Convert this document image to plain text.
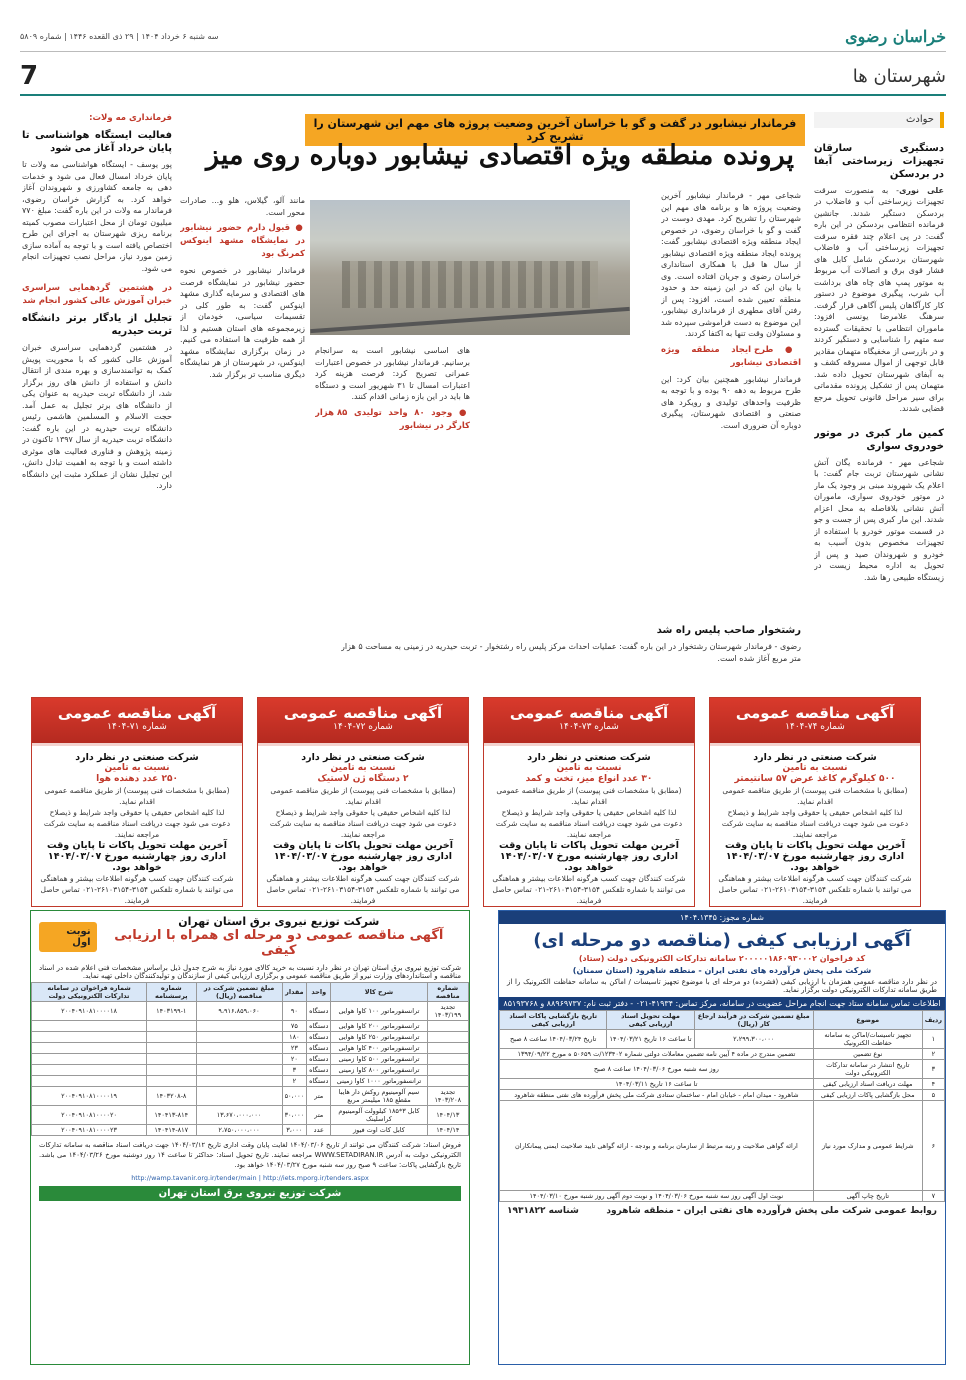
سه شنبه ۶ خرداد ۱۴۰۴ | ۲۹ ذی القعده ۱۴۴۶ | شماره ۵۸۰۹	خراسان رضوی
7	شهرستان ها
حوادث
دستگیری سارقان تجهیزات زیرساختی آبفا در بردسکن

علی نوری- به منصورت سرقت تجهیزات زیرساختی آب و فاضلاب در بردسکن دستگیر شدند. جانشین فرمانده انتظامی بردسکن در این باره گفت: در پی اعلام چند فقره سرقت تجهیزات زیرساختی آب و فاضلاب شهرستان بردسکن شامل کابل های فشار قوی برق و اتصالات آب مربوط به موتور پمپ های چاه های برداشت آب شرب، پیگیری موضوع در دستور کار کارآگاهان پلیس آگاهی قرار گرفت. سرهنگ علامرضا یونسی افزود: ماموران انتظامی با تحقیقات گسترده سه متهم را شناسایی و دستگیر کردند و در بازرسی از مخفیگاه متهمان مقادیر قابل توجهی از اموال مسروقه کشف و به آبفای شهرستان تحویل داده شد. متهمان پس از تشکیل پرونده مقدماتی برای سیر مراحل قانونی تحویل مرجع قضایی شدند.

کمین مار کبری در موتور خودروی سواری

شجاعی مهر - فرمانده یگان آتش نشانی شهرستان تربت جام گفت: با اعلام یک شهروند مبنی بر وجود یک مار در موتور خودروی سواری، ماموران آتش نشانی بلافاصله به محل اعزام شدند. این مار کبری پس از جست و جو در قسمت موتور خودرو با استفاده از تجهیزات مخصوص بدون آسیب به خودرو و شهروندان صید و پس از تحویل به اداره محیط زیست در زیستگاه طبیعی رها شد.

فرماندار نیشابور در گفت و گو با خراسان آخرین وضعیت پروژه های مهم این شهرستان را تشریح کرد
پرونده منطقه ویژه اقتصادی نیشابور دوباره روی میز

شجاعی مهر - فرماندار نیشابور آخرین وضعیت پروژه ها و برنامه های مهم این شهرستان را تشریح کرد. مهدی دوست در گفت و گو با خراسان رضوی، در خصوص ایجاد منطقه ویژه اقتصادی نیشابور گفت: پرونده ایجاد منطقه ویژه اقتصادی نیشابور از سال ها قبل با همکاری استانداری خراسان رضوی و جریان افتاده است. وی با بیان این که در این زمینه حد و حدود منطقه تعیین شده است، افزود: پس از رفتن آقای مطهری از فرمانداری نیشابور، این موضوع به دست فراموشی سپرده شد و مسئولان وقت تنها به اکتفا کردند.

● طرح ایجاد منطقه ویژه اقتصادی نیشابور

فرماندار نیشابور همچنین بیان کرد: این طرح مربوط به دهه ۹۰ بوده و با توجه به ظرفیت واحدهای تولیدی و رویکرد های صنعتی و اقتصادی شهرستان، پیگیری دوباره آن ضروری است.

های اساسی نیشابور است به سرانجام برسانیم. فرماندار نیشابور در خصوص اعتبارات عمرانی تصریح کرد: فرصت هزینه کرد اعتبارات امسال تا ۳۱ شهریور است و دستگاه ها باید در این بازه زمانی اقدام کنند.

● وجود ۸۰ واحد تولیدی ۸۵ هزار کارگر در نیشابور

مانند آلو، گیلاس، هلو و... صادرات محور است.

● قبول دارم حضور نیشابور در نمایشگاه مشهد اینوکس کمرنگ بود

فرماندار نیشابور در خصوص نحوه حضور نیشابور در نمایشگاه فرصت های اقتصادی و سرمایه گذاری مشهد اینوکس گفت: به طور کلی در تقسیمات سیاسی، خودمان از زیرمجموعه های استان هستیم و لذا از همه ظرفیت ها استفاده می کنیم. در زمان برگزاری نمایشگاه مشهد اینوکس، در شهرستان از هر نمایشگاه دیگری مناسب تر برگزار شد.

رشتخوار صاحب پلیس راه شد

رضوی - فرماندار شهرستان رشتخوار در این باره گفت: عملیات احداث مرکز پلیس راه رشتخوار - تربت حیدریه در زمینی به مساحت ۵ هزار متر مربع آغاز شده است.

فرمانداری مه ولات:
فعالیت ایستگاه هواشناسی تا پایان خرداد آغاز می شود

پور یوسف - ایستگاه هواشناسی مه ولات تا پایان خرداد امسال فعال می شود و خدمات دهی به جامعه کشاورزی و شهروندان آغاز خواهد کرد. به گزارش خراسان رضوی، فرماندار مه ولات در این باره گفت: مبلغ ۷۷۰ میلیون تومان از محل اعتبارات مصوب کمیته برنامه ریزی شهرستان به اجرای این طرح اختصاص یافته است و با توجه به آماده سازی زمین مورد نیاز، مراحل نصب تجهیزات انجام می شود.

در هشتمین گردهمایی سراسری خبران آموزش عالی کشور انجام شد
تجلیل از یادگار برتر دانشگاه تربت حیدریه

در هشتمین گردهمایی سراسری خبران آموزش عالی کشور که با محوریت پویش کمک به توانمندسازی و بهره مندی از انتقال دانش و استفاده از دانش های روز برگزار شد، از دانشگاه تربت حیدریه به عنوان یکی از دانشگاه های برتر تجلیل به عمل آمد. حجت الاسلام و المسلمین هاشمی رئیس دانشگاه تربت حیدریه در این باره گفت: دانشگاه تربت حیدریه از سال ۱۳۹۷ تاکنون در زمینه پژوهش و فناوری فعالیت های موثری داشته است و با توجه به اهمیت تبادل دانش، این تجلیل نشان از عملکرد مثبت این دانشگاه دارد.

آگهی مناقصه عمومی
شماره ۷۴-۱۴۰۴
شرکت صنعتی در نظر دارد
نسبت به تامین
۵۰۰ کیلوگرم کاغذ عرض ۵۷ سانتیمتر
(مطابق با مشخصات فنی پیوست) از طریق مناقصه عمومی اقدام نماید.
لذا کلیه اشخاص حقیقی یا حقوقی واجد شرایط و ذیصلاح دعوت می شود جهت دریافت اسناد مناقصه به سایت شرکت مراجعه نمایند.
آخرین مهلت تحویل پاکات تا پایان وقت اداری روز چهارشنبه مورخ ۱۴۰۴/۰۳/۰۷ خواهد بود.
شرکت کنندگان جهت کسب هرگونه اطلاعات بیشتر و هماهنگی می توانند با شماره تلفکس ۳۱۵۴-۲۶۱۰۳۱۵۴-۰۲۱ تماس حاصل فرمایند.
آگهی مناقصه عمومی
شماره ۷۳-۱۴۰۴
شرکت صنعتی در نظر دارد
نسبت به تامین
۳۰ عدد انواع میز، تخت و کمد
(مطابق با مشخصات فنی پیوست) از طریق مناقصه عمومی اقدام نماید.
لذا کلیه اشخاص حقیقی یا حقوقی واجد شرایط و ذیصلاح دعوت می شود جهت دریافت اسناد مناقصه به سایت شرکت مراجعه نمایند.
آخرین مهلت تحویل پاکات تا پایان وقت اداری روز چهارشنبه مورخ ۱۴۰۴/۰۳/۰۷ خواهد بود.
شرکت کنندگان جهت کسب هرگونه اطلاعات بیشتر و هماهنگی می توانند با شماره تلفکس ۳۱۵۴-۲۶۱۰۳۱۵۴-۰۲۱ تماس حاصل فرمایند.
آگهی مناقصه عمومی
شماره ۷۲-۱۴۰۴
شرکت صنعتی در نظر دارد
نسبت به تامین
۲ دستگاه ژن لاستیک
(مطابق با مشخصات فنی پیوست) از طریق مناقصه عمومی اقدام نماید.
لذا کلیه اشخاص حقیقی یا حقوقی واجد شرایط و ذیصلاح دعوت می شود جهت دریافت اسناد مناقصه به سایت شرکت مراجعه نمایند.
آخرین مهلت تحویل پاکات تا پایان وقت اداری روز چهارشنبه مورخ ۱۴۰۴/۰۳/۰۷ خواهد بود.
شرکت کنندگان جهت کسب هرگونه اطلاعات بیشتر و هماهنگی می توانند با شماره تلفکس ۳۱۵۴-۲۶۱۰۳۱۵۴-۰۲۱ تماس حاصل فرمایند.
آگهی مناقصه عمومی
شماره ۷۱-۱۴۰۴
شرکت صنعتی در نظر دارد
نسبت به تامین
۲۵۰ عدد دهنده هوا
(مطابق با مشخصات فنی پیوست) از طریق مناقصه عمومی اقدام نماید.
لذا کلیه اشخاص حقیقی یا حقوقی واجد شرایط و ذیصلاح دعوت می شود جهت دریافت اسناد مناقصه به سایت شرکت مراجعه نمایند.
آخرین مهلت تحویل پاکات تا پایان وقت اداری روز چهارشنبه مورخ ۱۴۰۴/۰۳/۰۷ خواهد بود.
شرکت کنندگان جهت کسب هرگونه اطلاعات بیشتر و هماهنگی می توانند با شماره تلفکس ۳۱۵۴-۲۶۱۰۳۱۵۴-۰۲۱ تماس حاصل فرمایند.
شماره مجوز: ۱۴۰۴.۱۳۴۵
آگهی ارزیابی کیفی (مناقصه دو مرحله ای)
کد فراخوان ۲۰۰۰۰۰۱۸۶۰۹۳۰۰۰۲ سامانه تدارکات الکترونیکی دولت (ستاد)
شرکت ملی پخش فرآورده های نفتی ایران - منطقه شاهرود (استان سمنان)
در نظر دارد مناقصه عمومی همزمان با ارزیابی کیفی (فشرده) دو مرحله ای با موضوع تجهیز تاسیسات / اماکن به سامانه حفاظت الکترونیک را از طریق سامانه تدارکات الکترونیکی دولت برگزار نماید.
اطلاعات تماس سامانه ستاد جهت انجام مراحل عضویت در سامانه، مرکز تماس: ۴۱۹۳۴-۰۲۱ - دفتر ثبت نام: ۸۸۹۶۹۷۳۷ و ۸۵۱۹۳۷۶۸
ردیف	موضوع	مبلغ تضمین شرکت در فرآیند ارجاع کار (ریال)	مهلت تحویل اسناد ارزیابی کیفی	تاریخ بازگشایی پاکات اسناد ارزیابی کیفی
۱	تجهیز تاسیسات/اماکن به سامانه حفاظت الکترونیک	۲،۲۹۹،۳۰۰،۰۰۰	تا ساعت ۱۶ تاریخ ۱۴۰۴/۰۳/۲۱	تاریخ ۱۴۰۴/۰۳/۲۴ ساعت ۸ صبح
۲	نوع تضمین	تضمین مندرج در ماده ۴ آیین نامه تضمین معاملات دولتی شماره ۱۲۳۴۰۲/ت ۵۰۶۵۹ ه مورخ ۱۳۹۴/۰۹/۲۲		
۳	تاریخ انتشار در سامانه تدارکات الکترونیکی دولت	روز سه شنبه مورخ ۱۴۰۴/۰۳/۰۶ ساعت ۸ صبح		
۴	مهلت دریافت اسناد ارزیابی کیفی	تا ساعت ۱۶ تاریخ ۱۴۰۴/۰۳/۱۱		
۵	محل بازگشایی پاکات ارزیابی کیفی	شاهرود - میدان امام - خیابان امام - ساختمان ستادی شرکت ملی پخش فرآورده های نفتی منطقه شاهرود		
۶	شرایط عمومی و مدارک مورد نیاز	ارائه گواهی صلاحیت و رتبه مرتبط از سازمان برنامه و بودجه - ارائه گواهی تایید صلاحیت ایمنی پیمانکاران		
۷	تاریخ چاپ آگهی	نوبت اول آگهی روز سه شنبه مورخ ۱۴۰۴/۰۳/۰۶ و نوبت دوم آگهی روز شنبه مورخ ۱۴۰۴/۰۳/۱۰		
روابط عمومی شرکت ملی پخش فرآورده های نفتی ایران - منطقه شاهرود
شناسه ۱۹۳۱۸۲۲
شرکت توزیع نیروی برق استان تهران
آگهی مناقصه عمومی دو مرحله ای همراه با ارزیابی کیفی
نوبت اول
شرکت توزیع نیروی برق استان تهران در نظر دارد نسبت به خرید کالای مورد نیاز به شرح جدول ذیل براساس مشخصات فنی اعلام شده در اسناد مناقصه و استانداردهای وزارت نیرو از طریق مناقصه عمومی و برگزاری ارزیابی کیفی از سازندگان و تولیدکنندگان داخلی تهیه نماید.
شماره مناقصه	شرح کالا	واحد	مقدار	مبلغ تضمین شرکت در مناقصه (ریال)	شماره پرسشنامه	شماره فراخوان در سامانه تدارکات الکترونیکی دولت
تجدید ۱۴۰۳/۱۹۹	ترانسفورماتور ۱۰۰ کاوا هوایی	دستگاه	۹۰	۹،۹۱۶،۸۵۹،۰۶۰	۱۴۰۳۱۹۹-۱	۲۰۰۴۰۹۱۰۸۱۰۰۰۰۱۸
	ترانسفورماتور ۲۰۰ کاوا هوایی	دستگاه	۷۵			
	ترانسفورماتور ۲۵۰ کاوا هوایی	دستگاه	۱۸۰			
	ترانسفورماتور ۴۰۰ کاوا هوایی	دستگاه	۲۳			
	ترانسفورماتور ۵۰۰ کاوا زمینی	دستگاه	۲۰			
	ترانسفورماتور ۸۰۰ کاوا زمینی	دستگاه	۳			
	ترانسفورماتور ۱۰۰۰ کاوا زمینی	دستگاه	۲			
تجدید ۱۴۰۳/۲۰۸	سیم آلومینیوم روکش دار هایبا مقطع ۱۸۵ میلیمتر مربع	متر	۵۰،۰۰۰		۱۴۰۳۲۰۸-۸	۲۰۰۴۰۹۱۰۸۱۰۰۰۰۱۹
۱۴۰۴/۱۳	کابل ۳*۱۸۵ کیلوولت آلومینیوم کراسلینک	متر	۳۰،۰۰۰	۱۳،۶۷۰،۰۰۰،۰۰۰	۱۴۰۴۱۳-۸۱۴	۲۰۰۴۰۹۱۰۸۱۰۰۰۰۲۰
۱۴۰۴/۱۴	کابل کات اوت فیوز	عدد	۳،۰۰۰	۲،۷۵۰،۰۰۰،۰۰۰	۱۴۰۴۱۴-۸۱۷	۲۰۰۴۰۹۱۰۸۱۰۰۰۰۲۳
فروش اسناد: شرکت کنندگان می توانند از تاریخ ۱۴۰۴/۰۳/۰۶ لغایت پایان وقت اداری تاریخ ۱۴۰۴/۰۳/۱۲ جهت دریافت اسناد مناقصه به سامانه تدارکات الکترونیکی دولت به آدرس WWW.SETADIRAN.IR مراجعه نمایند. تاریخ تحویل اسناد: حداکثر تا ساعت ۱۴ روز دوشنبه مورخ ۱۴۰۴/۰۳/۲۶ می باشد. تاریخ بازگشایی پاکات: ساعت ۹ صبح روز سه شنبه مورخ ۱۴۰۴/۰۳/۲۷ خواهد بود.
http://wamp.tavanir.org.ir/tender/main | http://iets.mporg.ir/tenders.aspx
شرکت توزیع نیروی برق استان تهران
